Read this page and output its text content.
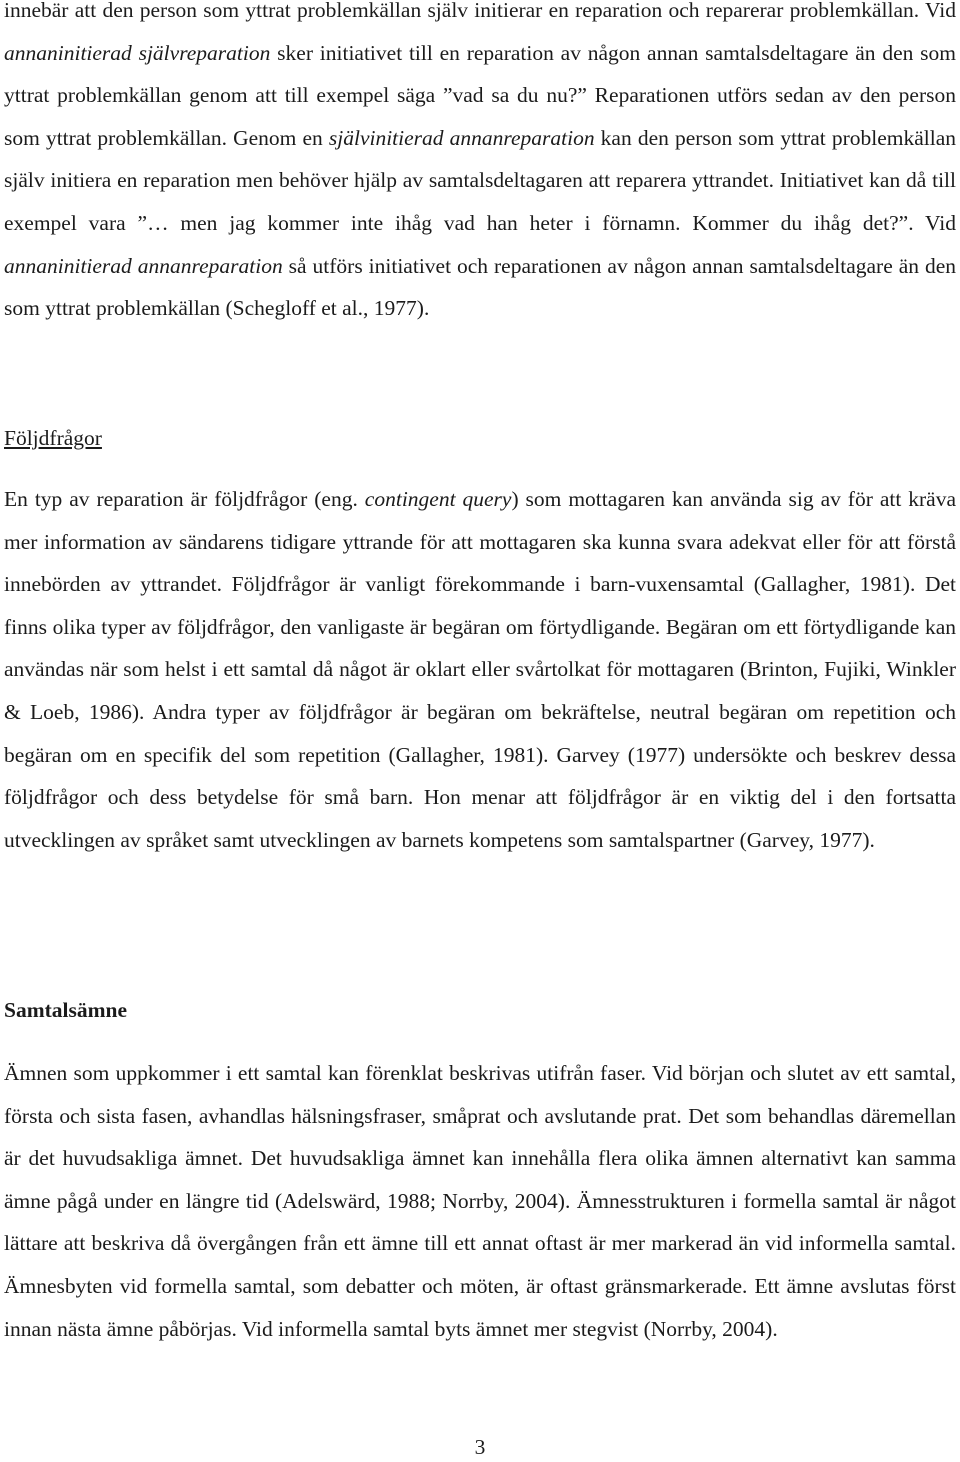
innebär att den person som yttrat problemkällan själv initierar en reparation och reparerar problemkällan. Vid annaninitierad självreparation sker initiativet till en reparation av någon annan samtalsdeltagare än den som yttrat problemkällan genom att till exempel säga ”vad sa du nu?” Reparationen utförs sedan av den person som yttrat problemkällan. Genom en självinitierad annanreparation kan den person som yttrat problemkällan själv initiera en reparation men behöver hjälp av samtalsdeltagaren att reparera yttrandet. Initiativet kan då till exempel vara ”… men jag kommer inte ihåg vad han heter i förnamn. Kommer du ihåg det?”. Vid annaninitierad annanreparation så utförs initiativet och reparationen av någon annan samtalsdeltagare än den som yttrat problemkällan (Schegloff et al., 1977).

Följdfrågor

En typ av reparation är följdfrågor (eng. contingent query) som mottagaren kan använda sig av för att kräva mer information av sändarens tidigare yttrande för att mottagaren ska kunna svara adekvat eller för att förstå innebörden av yttrandet. Följdfrågor är vanligt förekommande i barn-vuxensamtal (Gallagher, 1981). Det finns olika typer av följdfrågor, den vanligaste är begäran om förtydligande. Begäran om ett förtydligande kan användas när som helst i ett samtal då något är oklart eller svårtolkat för mottagaren (Brinton, Fujiki, Winkler & Loeb, 1986). Andra typer av följdfrågor är begäran om bekräftelse, neutral begäran om repetition och begäran om en specifik del som repetition (Gallagher, 1981). Garvey (1977) undersökte och beskrev dessa följdfrågor och dess betydelse för små barn. Hon menar att följdfrågor är en viktig del i den fortsatta utvecklingen av språket samt utvecklingen av barnets kompetens som samtalspartner (Garvey, 1977).

Samtalsämne

Ämnen som uppkommer i ett samtal kan förenklat beskrivas utifrån faser. Vid början och slutet av ett samtal, första och sista fasen, avhandlas hälsningsfraser, småprat och avslutande prat. Det som behandlas däremellan är det huvudsakliga ämnet. Det huvudsakliga ämnet kan innehålla flera olika ämnen alternativt kan samma ämne pågå under en längre tid (Adelswärd, 1988; Norrby, 2004). Ämnesstrukturen i formella samtal är något lättare att beskriva då övergången från ett ämne till ett annat oftast är mer markerad än vid informella samtal. Ämnesbyten vid formella samtal, som debatter och möten, är oftast gränsmarkerade. Ett ämne avslutas först innan nästa ämne påbörjas. Vid informella samtal byts ämnet mer stegvist (Norrby, 2004).

3
